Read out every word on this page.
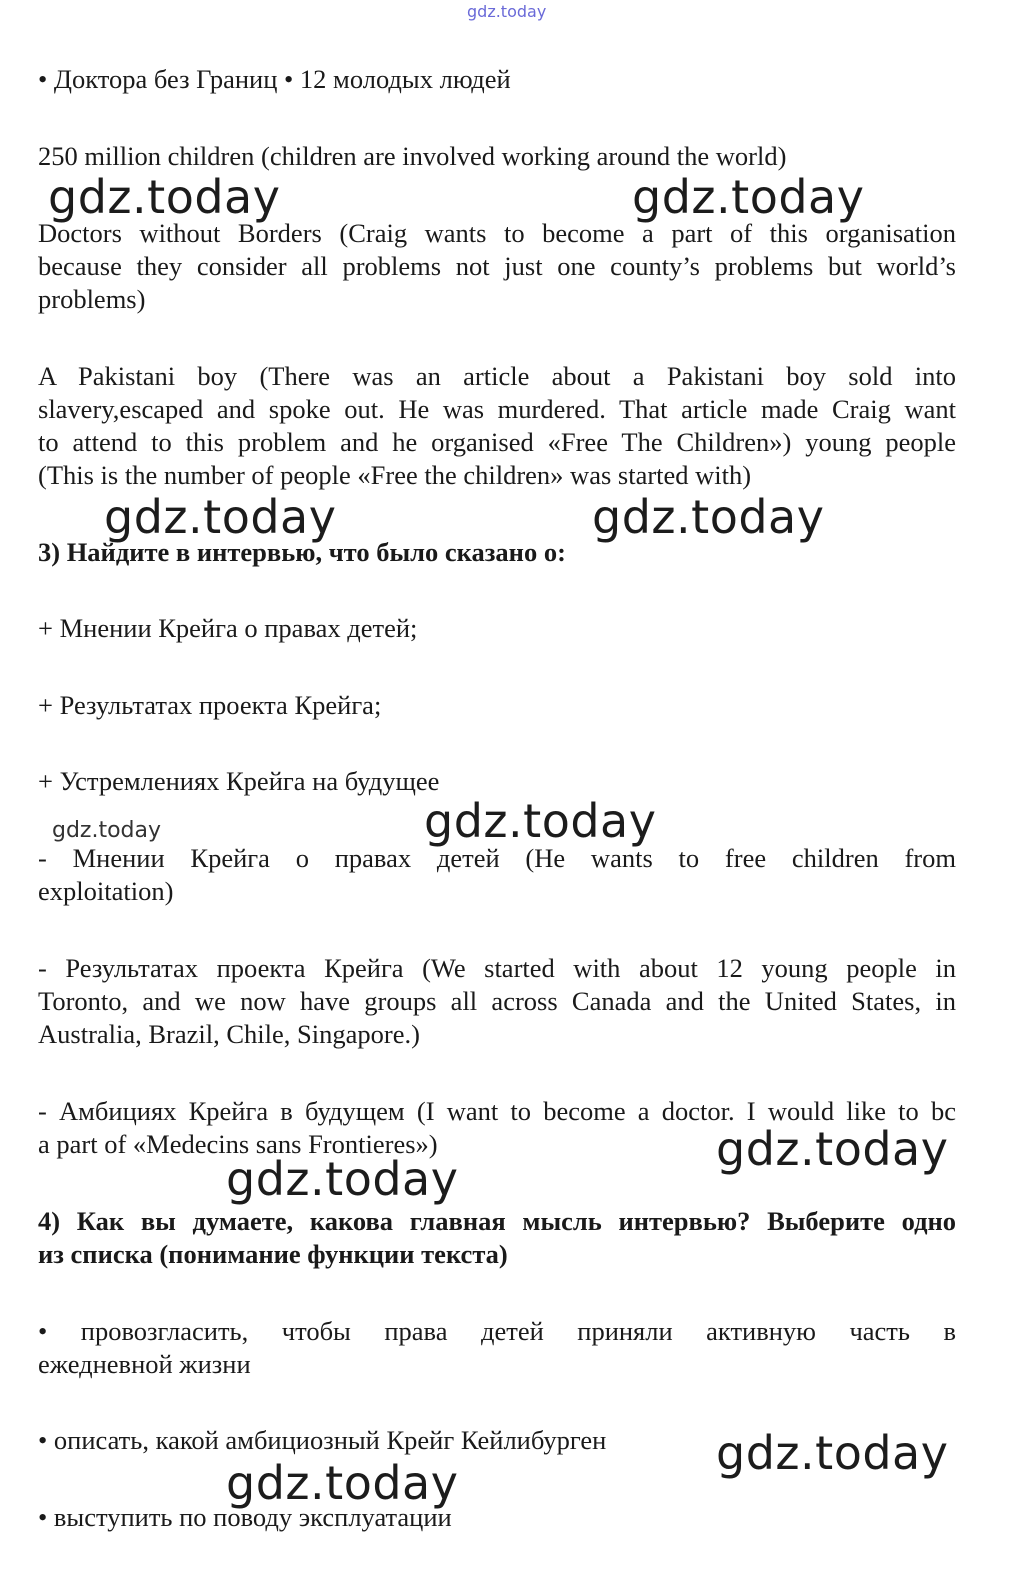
gdz.today
• Доктора без Границ • 12 молодых людей
250 million children (children are involved working around the world)
Doctors without Borders (Craig wants to become a part of this organisation
because they consider all problems not just one county’s problems but world’s
problems)
A Pakistani boy (There was an article about a Pakistani boy sold into
slavery,escaped and spoke out. He was murdered. That article made Craig want
to attend to this problem and he organised «Free The Children») young people
(This is the number of people «Free the children» was started with)
3) Найдите в интервью, что было сказано о:
+ Мнении Крейга о правах детей;
+ Результатах проекта Крейга;
+ Устремлениях Крейга на будущее
- Мнении Крейга о правах детей (He wants to free children from
exploitation)
- Результатах проекта Крейга (We started with about 12 young people in
Toronto, and we now have groups all across Canada and the United States, in
Australia, Brazil, Chile, Singapore.)
- Амбициях Крейга в будущем (I want to become a doctor. I would like to bc
a part of «Medecins sans Frontieres»)
4) Как вы думаете, какова главная мысль интервью? Выберите одно
из списка (понимание функции текста)
• провозгласить, чтобы права детей приняли активную часть в
ежедневной жизни
• описать, какой амбициозный Крейг Кейлибурген
• выступить по поводу эксплуатации
gdz.today	gdz.today
gdz.today	gdz.today
gdz.today	gdz.today
gdz.today
gdz.today
gdz.today
gdz.today
